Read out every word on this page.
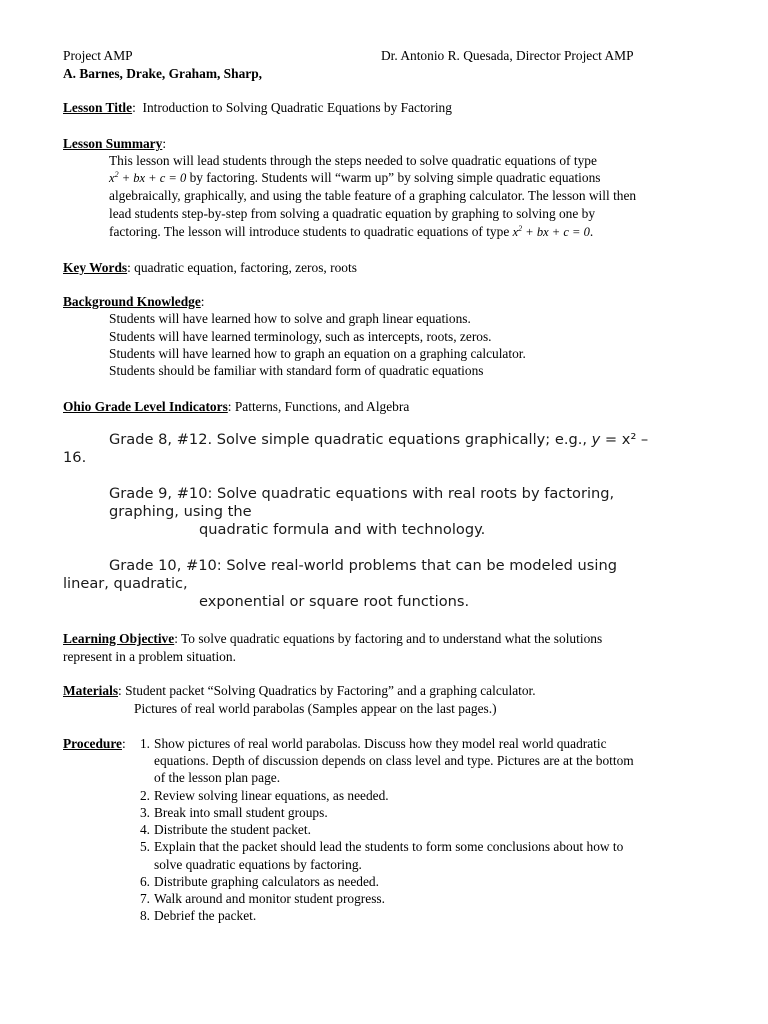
Project AMP	Dr. Antonio R. Quesada, Director Project AMP
A. Barnes, Drake, Graham, Sharp,
Lesson Title: Introduction to Solving Quadratic Equations by Factoring
Lesson Summary:
This lesson will lead students through the steps needed to solve quadratic equations of type
$x^2$ + bx + c = 0 by factoring. Students will “warm up” by solving simple quadratic equations
algebraically, graphically, and using the table feature of a graphing calculator. The lesson will then
lead students step-by-step from solving a quadratic equation by graphing to solving one by
factoring. The lesson will introduce students to quadratic equations of type $x^2$ + bx + c = 0.
Key Words: quadratic equation, factoring, zeros, roots
Background Knowledge:
Students will have learned how to solve and graph linear equations.
Students will have learned terminology, such as intercepts, roots, zeros.
Students will have learned how to graph an equation on a graphing calculator.
Students should be familiar with standard form of quadratic equations
Ohio Grade Level Indicators: Patterns, Functions, and Algebra
Grade 8, #12. Solve simple quadratic equations graphically; e.g., y = x² –
16.
Grade 9, #10: Solve quadratic equations with real roots by factoring,
graphing, using the
quadratic formula and with technology.
Grade 10, #10: Solve real-world problems that can be modeled using
linear, quadratic,
exponential or square root functions.
Learning Objective: To solve quadratic equations by factoring and to understand what the solutions
represent in a problem situation.
Materials: Student packet “Solving Quadratics by Factoring” and a graphing calculator.
Pictures of real world parabolas (Samples appear on the last pages.)
Procedure:	1. Show pictures of real world parabolas. Discuss how they model real world quadratic
equations. Depth of discussion depends on class level and type. Pictures are at the bottom
of the lesson plan page.
2. Review solving linear equations, as needed.
3. Break into small student groups.
4. Distribute the student packet.
5. Explain that the packet should lead the students to form some conclusions about how to
solve quadratic equations by factoring.
6. Distribute graphing calculators as needed.
7. Walk around and monitor student progress.
8. Debrief the packet.
